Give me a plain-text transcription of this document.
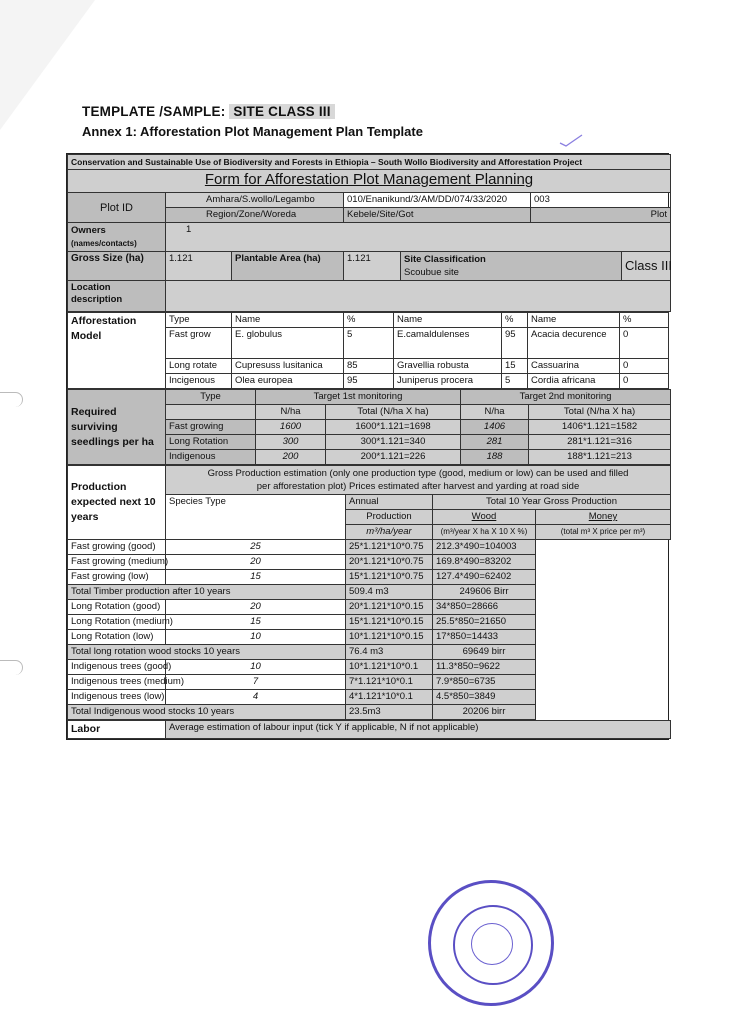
TEMPLATE /SAMPLE: SITE CLASS III
Annex 1: Afforestation Plot Management Plan Template
Conservation and Sustainable Use of Biodiversity and Forests in Ethiopia – South Wollo Biodiversity and Afforestation Project						
Form for Afforestation Plot Management Planning						
Plot ID	Amhara/S.wollo/Legambo		010/Enanikund/3/AM/DD/074/33/2020		003	
	Region/Zone/Woreda		Kebele/Site/Got		Plot	

Owners
(names/contacts)	1					
Gross Size (ha)	1.121	Plantable Area (ha)	1.121	Site Classification
Scoubue site		Class III
Location description						
Afforestation Model	Type	Name	%	Name	%	Name	%
	Fast grow	E. globulus	5	E.camaldulenses	95	Acacia decurence	0

	Long rotate	Cupresuss lusitanica	85	Gravellia robusta	15	Cassuarina	0
	Incigenous	Olea europea	95	Juniperus procera	5	Cordia africana	0
Required surviving seedlings per ha	Type	Target 1st monitoring		Target 2nd monitoring	
		N/ha	Total (N/ha X ha)	N/ha	Total (N/ha X ha)
	Fast growing	1600	1600*1.121=1698	1406	1406*1.121=1582
	Long Rotation	300	300*1.121=340	281	281*1.121=316
	Indigenous	200	200*1.121=226	188	188*1.121=213
Production expected next 10 years	Gross Production estimation (only one production type (good, medium or low) can be used and filled
per afforestation plot) Prices estimated after harvest and yarding at road side			

	Species Type	Annual	Total 10 Year Gross Production	
		Production	Wood	Money
		m³/ha/year	(m³/year X ha X 10 X %)	(total m³ X price per m³)
Fast growing (good)	25	25*1.121*10*0.75	212.3*490=104003	
Fast growing (medium)	20	20*1.121*10*0.75	169.8*490=83202	
Fast growing (low)	15	15*1.121*10*0.75	127.4*490=62402	
Total Timber production after 10 years		509.4 m3	249606 Birr	
Long Rotation (good)	20	20*1.121*10*0.15	34*850=28666	
Long Rotation (medium)	15	15*1.121*10*0.15	25.5*850=21650	
Long Rotation (low)	10	10*1.121*10*0.15	17*850=14433	
Total long rotation wood stocks 10 years		76.4 m3	69649 birr	
Indigenous trees (good)	10	10*1.121*10*0.1	11.3*850=9622	
Indigenous trees (medium)	7	7*1.121*10*0.1	7.9*850=6735	
Indigenous trees (low)	4	4*1.121*10*0.1	4.5*850=3849	
Total Indigenous wood stocks 10 years		23.5m3	20206 birr	
Labor	Average estimation of labour input (tick Y if applicable, N if not applicable)
